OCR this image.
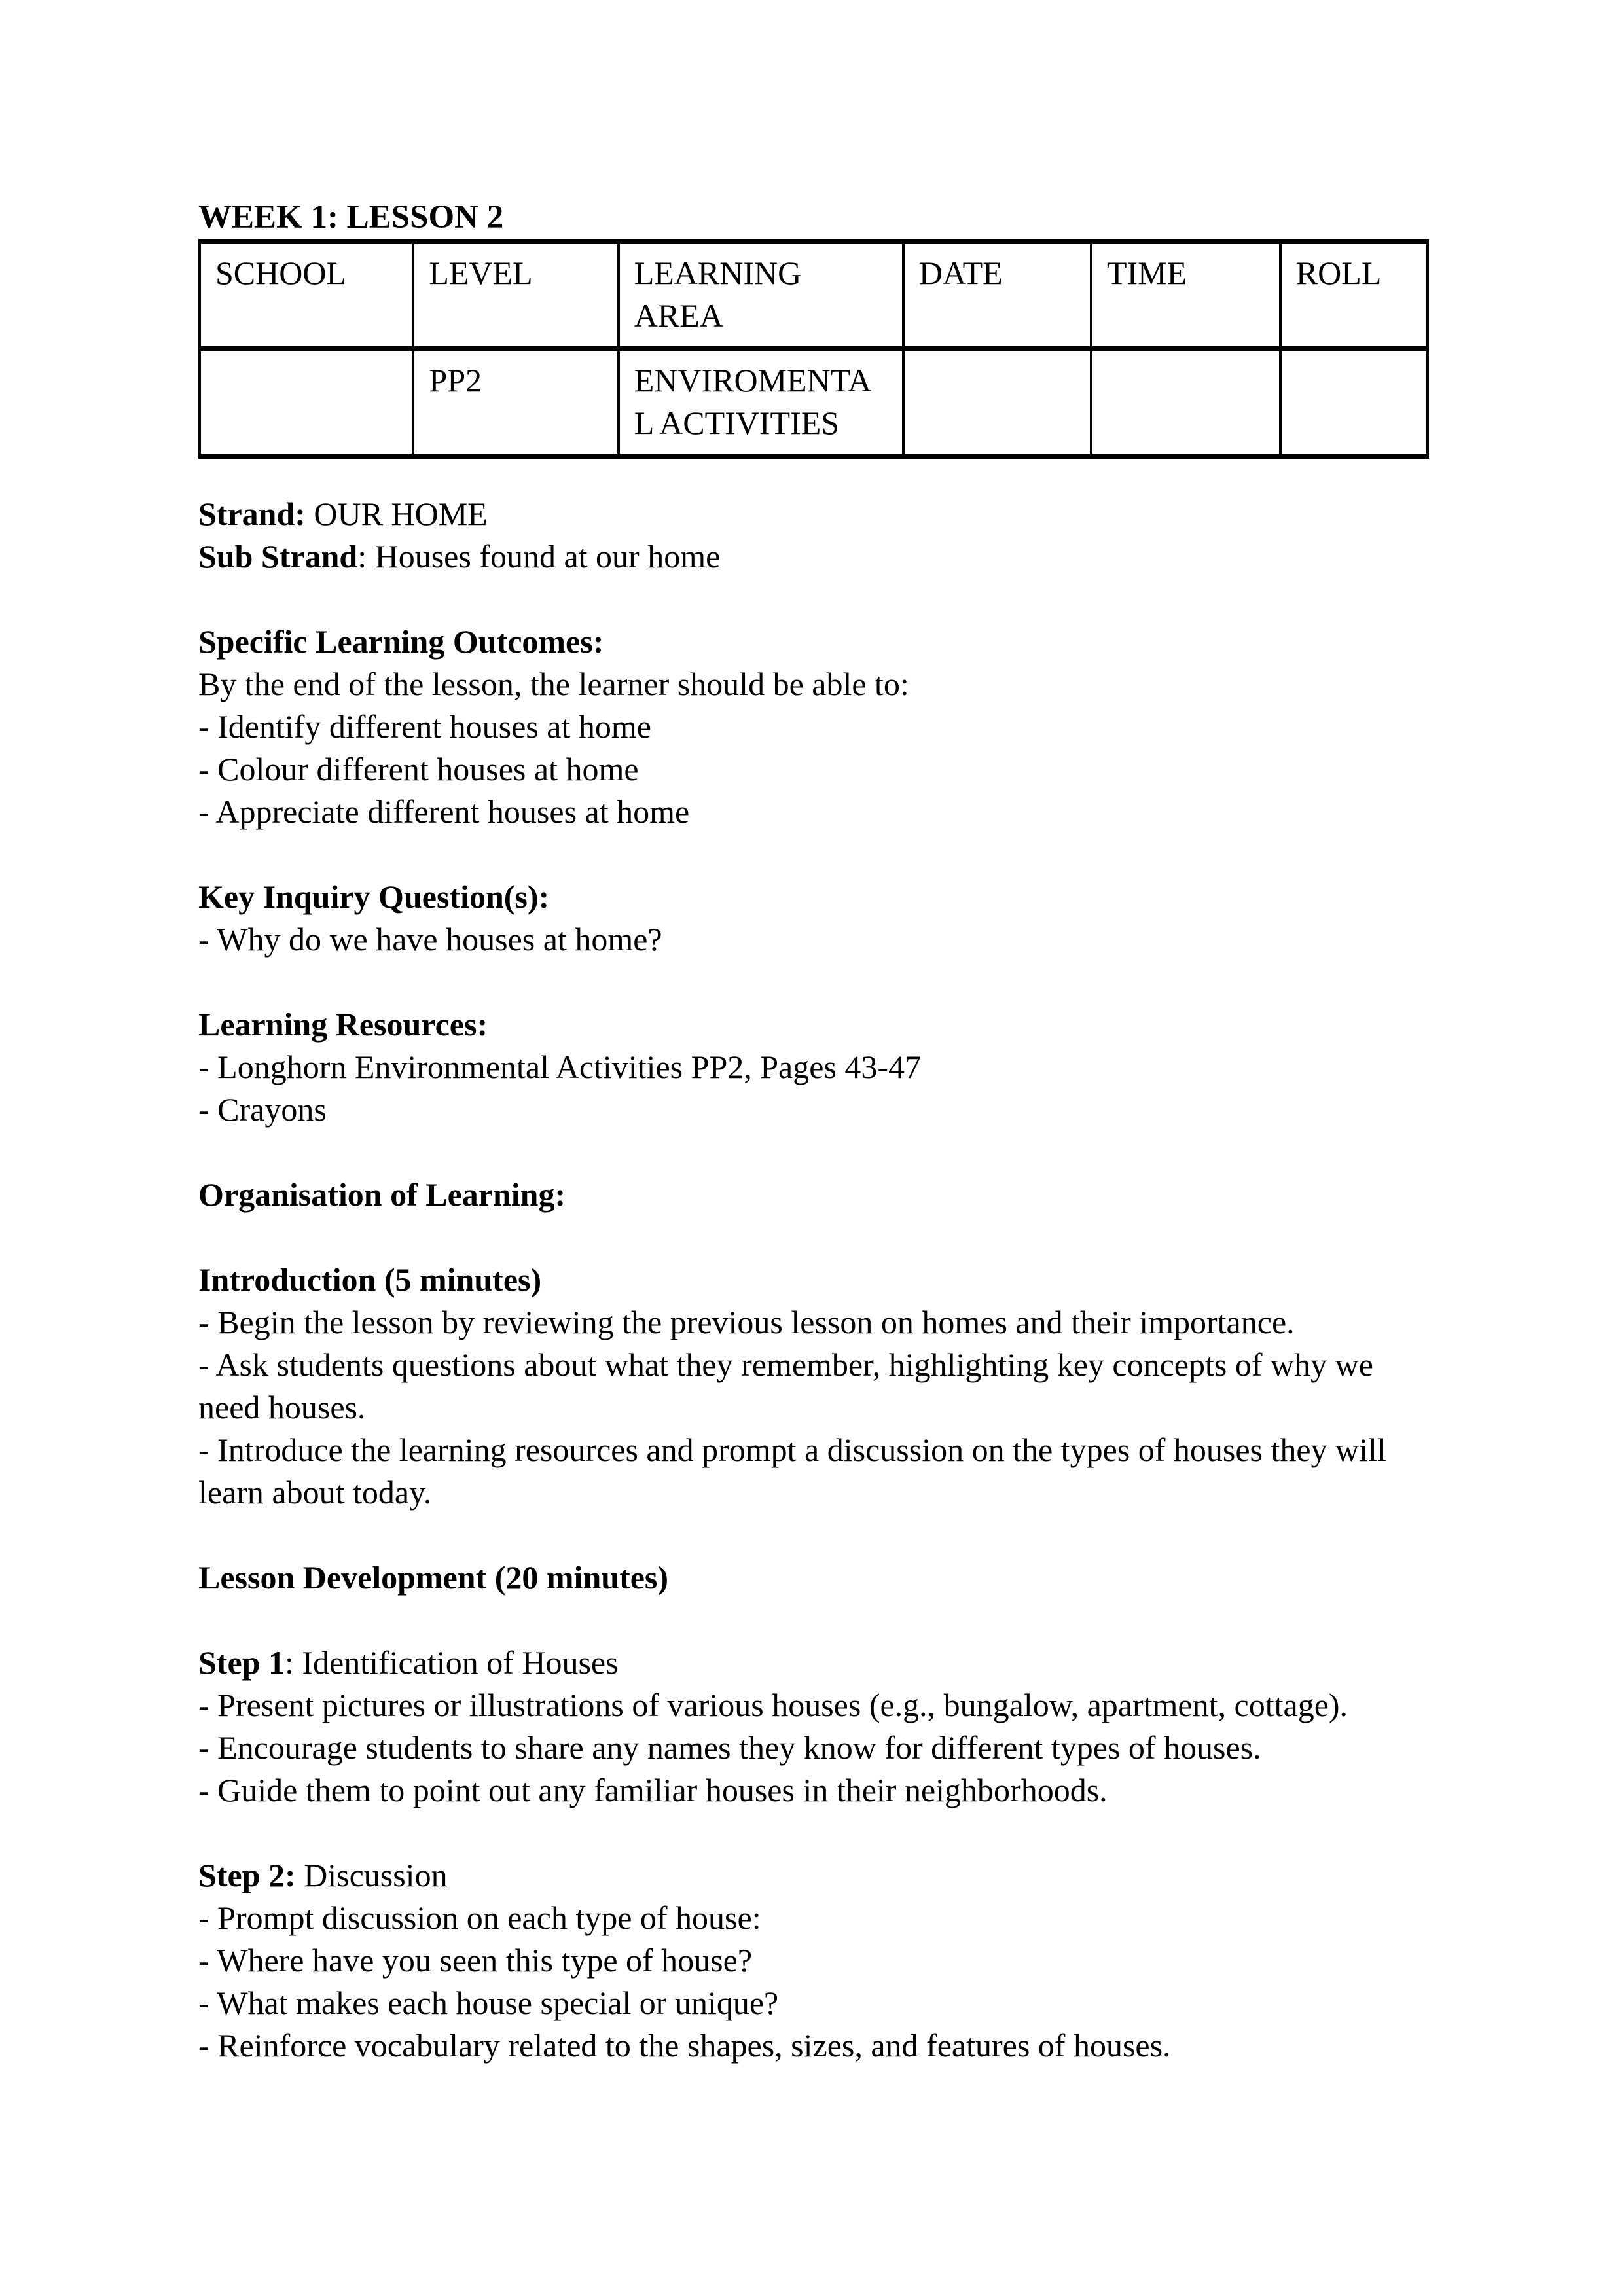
WEEK 1: LESSON 2
SCHOOL	LEVEL	LEARNING AREA	DATE	TIME	ROLL
	PP2	ENVIROMENTAL ACTIVITIES			

Strand: OUR HOME

Sub Strand: Houses found at our home

Specific Learning Outcomes:

By the end of the lesson, the learner should be able to:

- Identify different houses at home

- Colour different houses at home

- Appreciate different houses at home

Key Inquiry Question(s):

- Why do we have houses at home?

Learning Resources:

- Longhorn Environmental Activities PP2, Pages 43-47

- Crayons

Organisation of Learning:

Introduction (5 minutes)

- Begin the lesson by reviewing the previous lesson on homes and their importance.

- Ask students questions about what they remember, highlighting key concepts of why we need houses.

- Introduce the learning resources and prompt a discussion on the types of houses they will learn about today.

Lesson Development (20 minutes)

Step 1: Identification of Houses

- Present pictures or illustrations of various houses (e.g., bungalow, apartment, cottage).

- Encourage students to share any names they know for different types of houses.

- Guide them to point out any familiar houses in their neighborhoods.

Step 2: Discussion

- Prompt discussion on each type of house:

- Where have you seen this type of house?

- What makes each house special or unique?

- Reinforce vocabulary related to the shapes, sizes, and features of houses.
